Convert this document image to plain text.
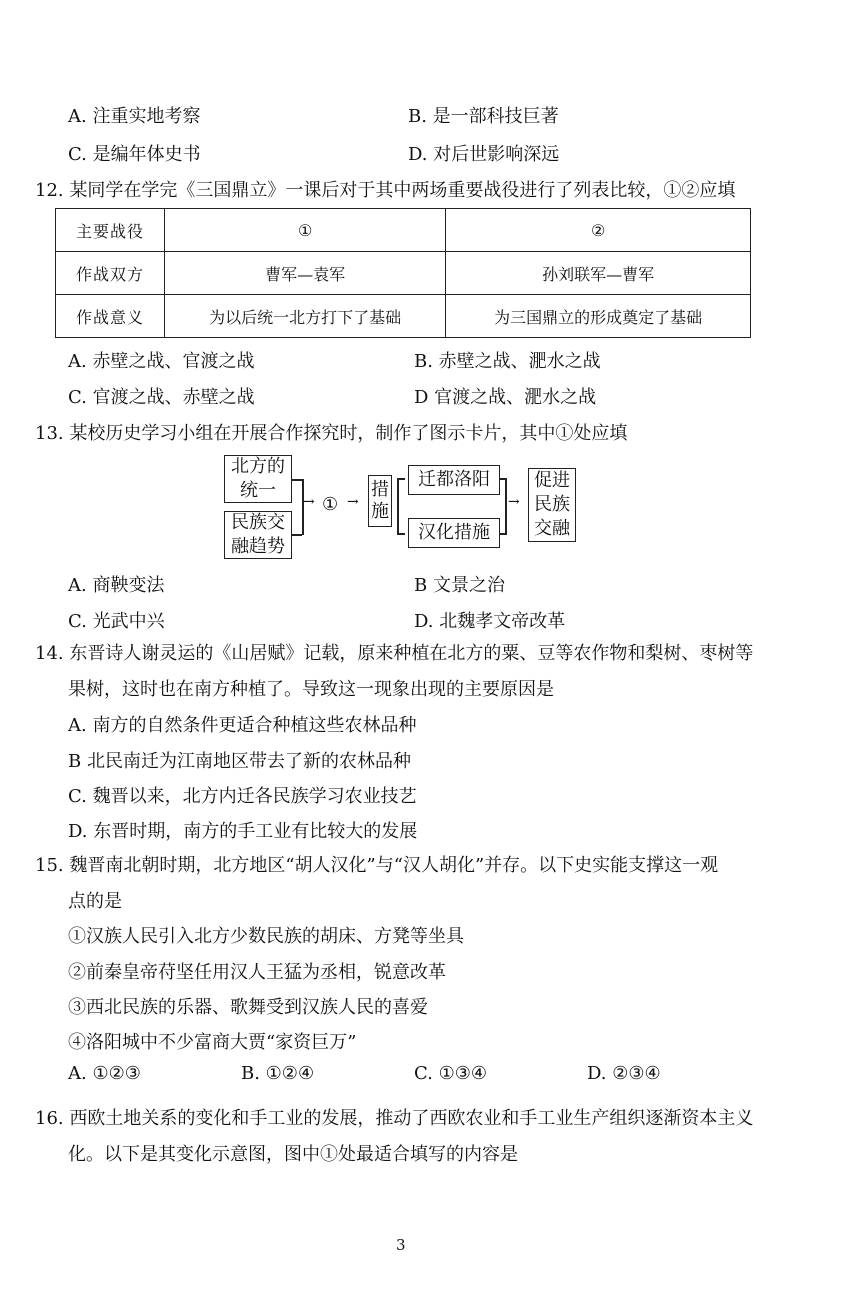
A. 注重实地考察	B. 是一部科技巨著
C. 是编年体史书	D. 对后世影响深远
12. 某同学在学完《三国鼎立》一课后对于其中两场重要战役进行了列表比较，①②应填
主要战役	①	②
作战双方	曹军—袁军	孙刘联军—曹军
作战意义	为以后统一北方打下了基础	为三国鼎立的形成奠定了基础
A. 赤壁之战、官渡之战	B. 赤壁之战、淝水之战
C. 官渡之战、赤壁之战	D 官渡之战、淝水之战
13. 某校历史学习小组在开展合作探究时，制作了图示卡片，其中①处应填
北方的统一
民族交融趋势
→ ① →
措施
迁都洛阳
汉化措施
→
促进民族交融
A. 商鞅变法	B 文景之治
C. 光武中兴	D. 北魏孝文帝改革
14. 东晋诗人谢灵运的《山居赋》记载，原来种植在北方的粟、豆等农作物和梨树、枣树等
果树，这时也在南方种植了。导致这一现象出现的主要原因是
A. 南方的自然条件更适合种植这些农林品种
B 北民南迁为江南地区带去了新的农林品种
C. 魏晋以来，北方内迁各民族学习农业技艺
D. 东晋时期，南方的手工业有比较大的发展
15. 魏晋南北朝时期，北方地区“胡人汉化”与“汉人胡化”并存。以下史实能支撑这一观
点的是
①汉族人民引入北方少数民族的胡床、方凳等坐具
②前秦皇帝苻坚任用汉人王猛为丞相，锐意改革
③西北民族的乐器、歌舞受到汉族人民的喜爱
④洛阳城中不少富商大贾“家资巨万”
A. ①②③	B. ①②④	C. ①③④	D. ②③④
16. 西欧土地关系的变化和手工业的发展，推动了西欧农业和手工业生产组织逐渐资本主义
化。以下是其变化示意图，图中①处最适合填写的内容是
3
